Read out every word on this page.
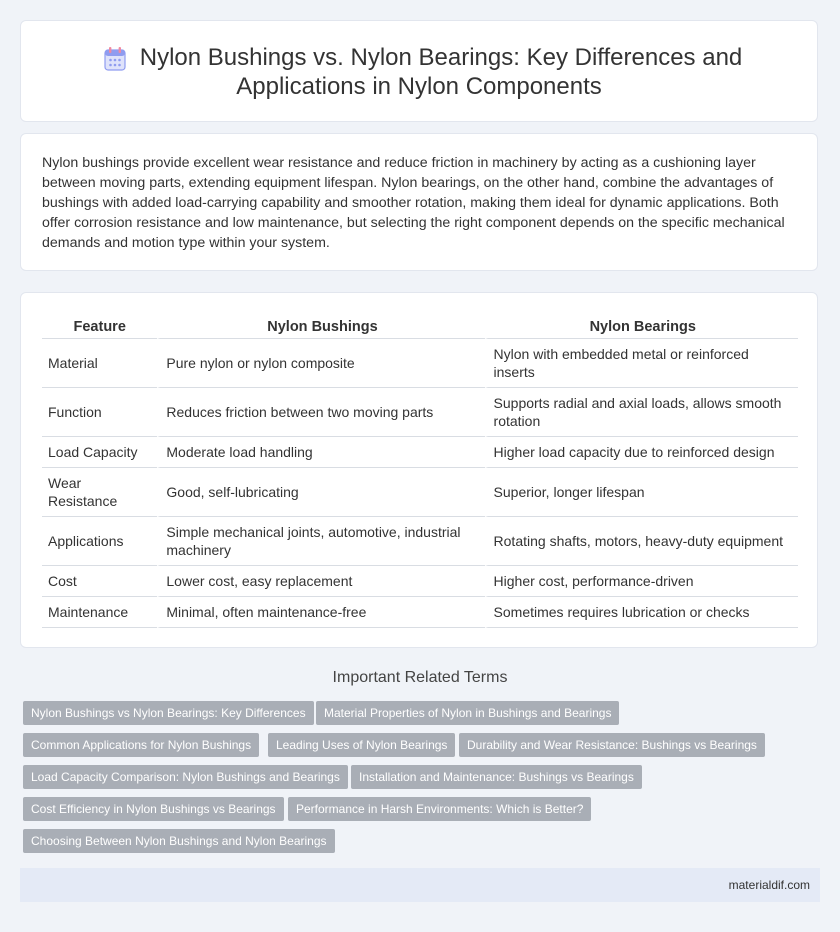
Nylon Bushings vs. Nylon Bearings: Key Differences and
Applications in Nylon Components
Nylon bushings provide excellent wear resistance and reduce friction in machinery by acting as a cushioning layer between moving parts, extending equipment lifespan. Nylon bearings, on the other hand, combine the advantages of bushings with added load-carrying capability and smoother rotation, making them ideal for dynamic applications. Both offer corrosion resistance and low maintenance, but selecting the right component depends on the specific mechanical demands and motion type within your system.
Feature	Nylon Bushings	Nylon Bearings
Material	Pure nylon or nylon composite	Nylon with embedded metal or reinforced inserts
Function	Reduces friction between two moving parts	Supports radial and axial loads, allows smooth rotation
Load Capacity	Moderate load handling	Higher load capacity due to reinforced design
Wear Resistance	Good, self-lubricating	Superior, longer lifespan
Applications	Simple mechanical joints, automotive, industrial machinery	Rotating shafts, motors, heavy-duty equipment
Cost	Lower cost, easy replacement	Higher cost, performance-driven
Maintenance	Minimal, often maintenance-free	Sometimes requires lubrication or checks
Important Related Terms
Nylon Bushings vs Nylon Bearings: Key Differences	Material Properties of Nylon in Bushings and Bearings
Common Applications for Nylon Bushings	Leading Uses of Nylon Bearings	Durability and Wear Resistance: Bushings vs Bearings
Load Capacity Comparison: Nylon Bushings and Bearings	Installation and Maintenance: Bushings vs Bearings
Cost Efficiency in Nylon Bushings vs Bearings	Performance in Harsh Environments: Which is Better?
Choosing Between Nylon Bushings and Nylon Bearings
materialdif.com
